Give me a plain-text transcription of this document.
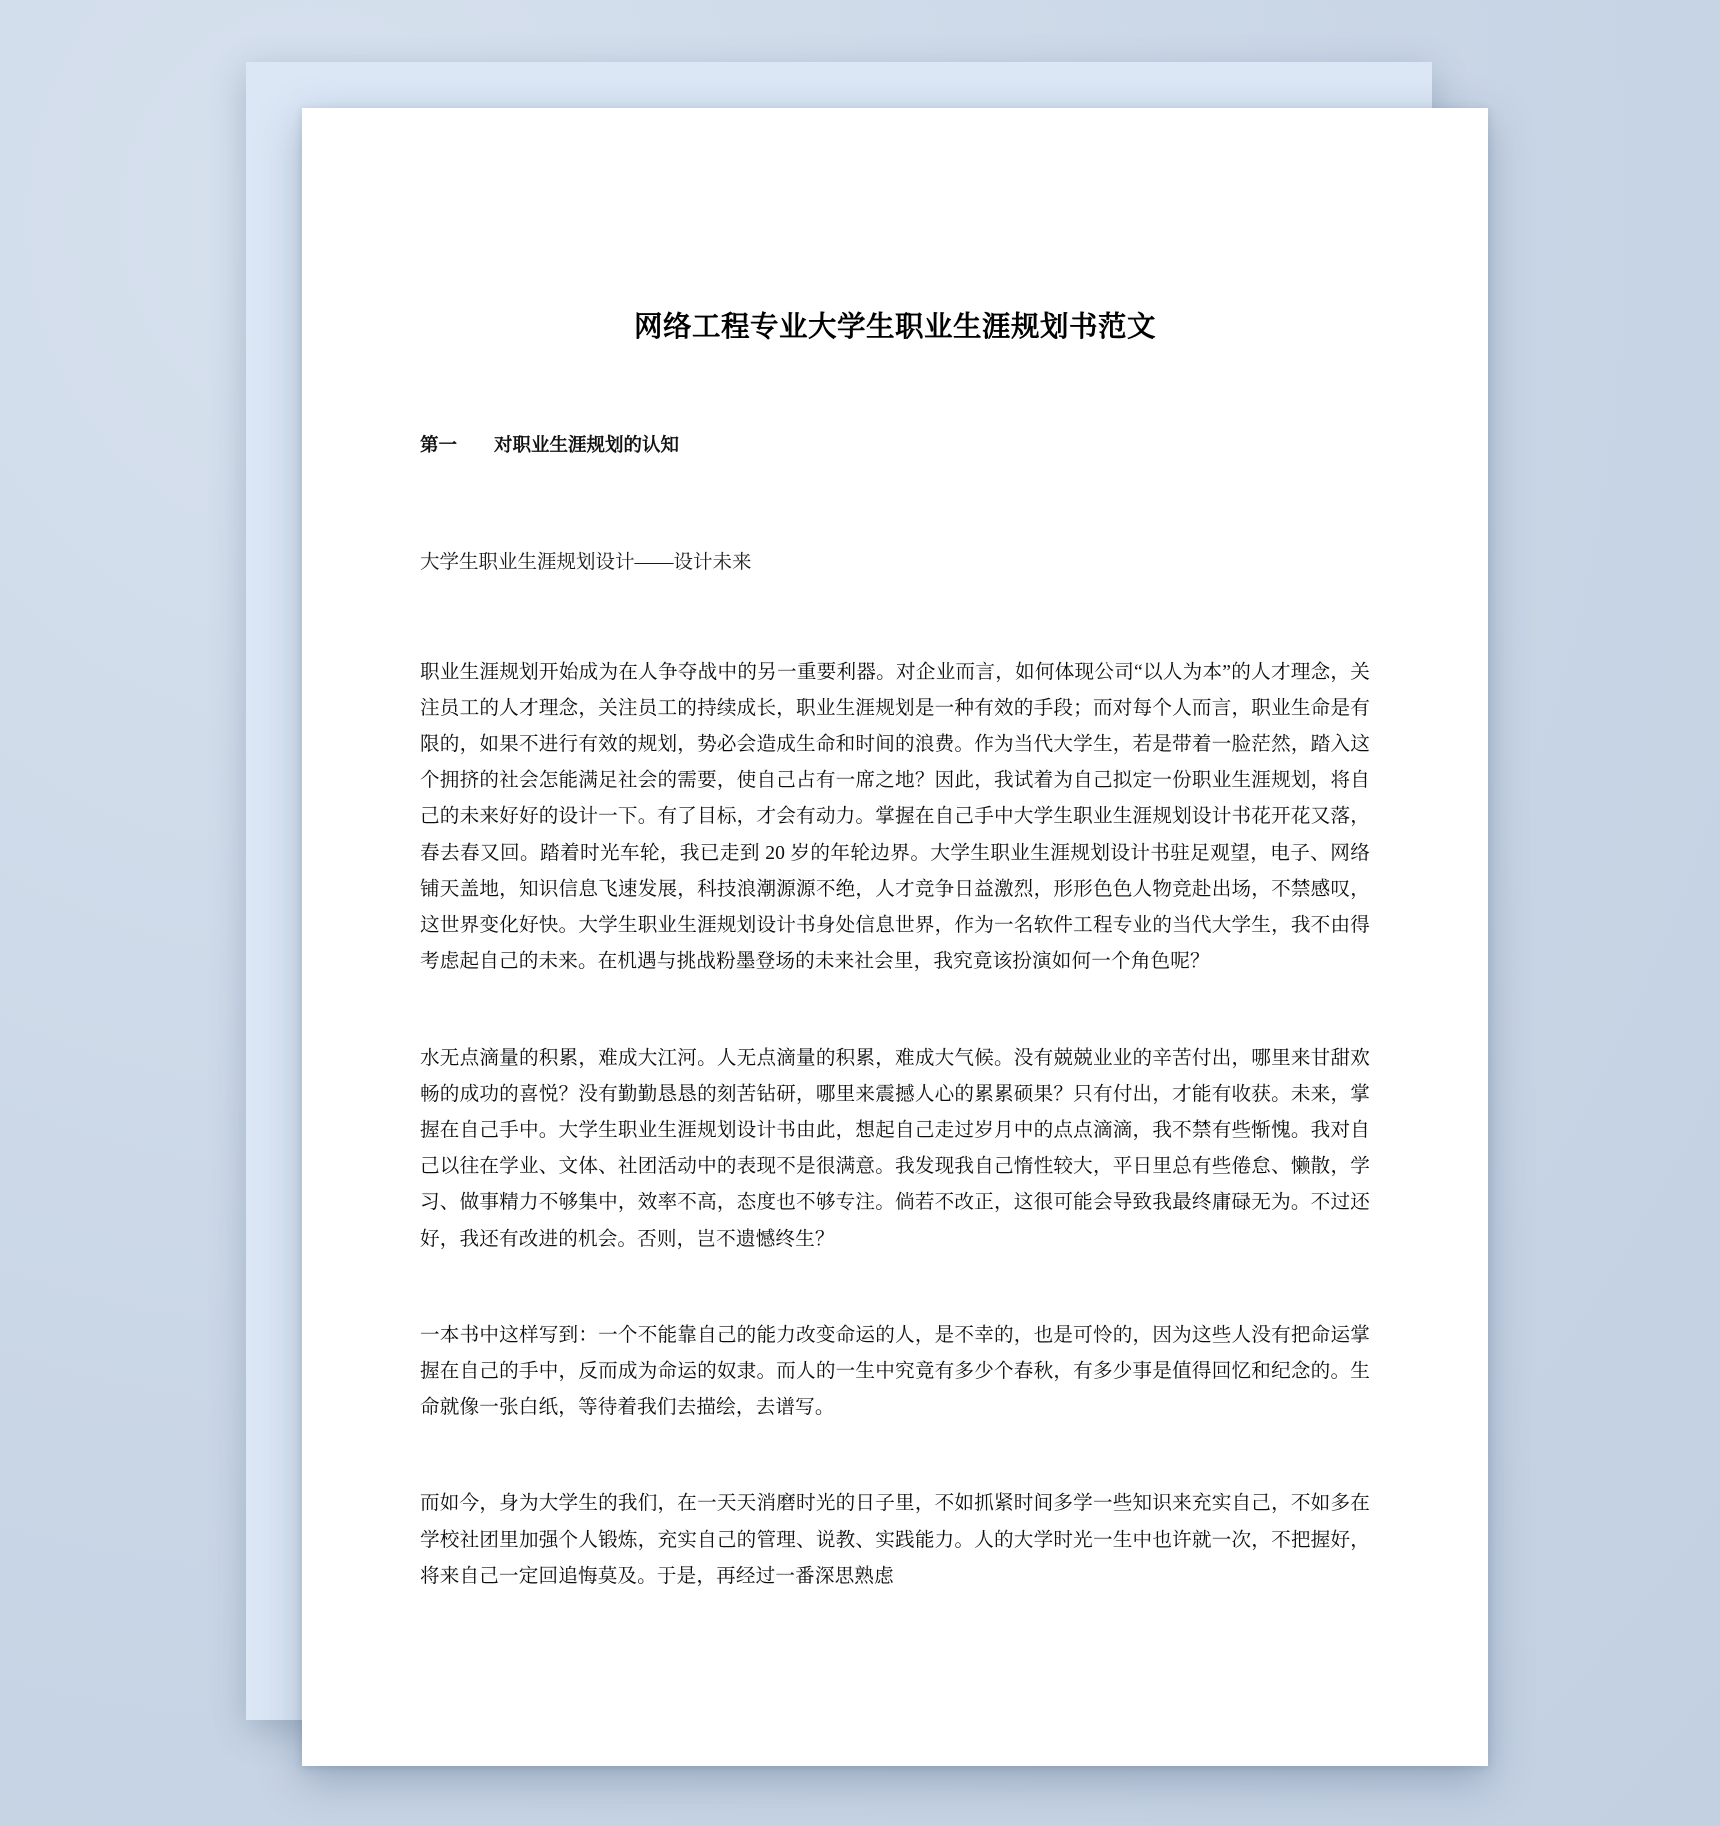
网络工程专业大学生职业生涯规划书范文
第一　　对职业生涯规划的认知
大学生职业生涯规划设计——设计未来

职业生涯规划开始成为在人争夺战中的另一重要利器。对企业而言，如何体现公司“以人为本”的人才理念，关注员工的人才理念，关注员工的持续成长，职业生涯规划是一种有效的手段；而对每个人而言，职业生命是有限的，如果不进行有效的规划，势必会造成生命和时间的浪费。作为当代大学生，若是带着一脸茫然，踏入这个拥挤的社会怎能满足社会的需要，使自己占有一席之地？因此，我试着为自己拟定一份职业生涯规划，将自己的未来好好的设计一下。有了目标，才会有动力。掌握在自己手中大学生职业生涯规划设计书花开花又落，春去春又回。踏着时光车轮，我已走到 20 岁的年轮边界。大学生职业生涯规划设计书驻足观望，电子、网络铺天盖地，知识信息飞速发展，科技浪潮源源不绝，人才竞争日益激烈，形形色色人物竞赴出场，不禁感叹，这世界变化好快。大学生职业生涯规划设计书身处信息世界，作为一名软件工程专业的当代大学生，我不由得考虑起自己的未来。在机遇与挑战粉墨登场的未来社会里，我究竟该扮演如何一个角色呢？

水无点滴量的积累，难成大江河。人无点滴量的积累，难成大气候。没有兢兢业业的辛苦付出，哪里来甘甜欢畅的成功的喜悦？没有勤勤恳恳的刻苦钻研，哪里来震撼人心的累累硕果？只有付出，才能有收获。未来，掌握在自己手中。大学生职业生涯规划设计书由此，想起自己走过岁月中的点点滴滴，我不禁有些惭愧。我对自己以往在学业、文体、社团活动中的表现不是很满意。我发现我自己惰性较大，平日里总有些倦怠、懒散，学习、做事精力不够集中，效率不高，态度也不够专注。倘若不改正，这很可能会导致我最终庸碌无为。不过还好，我还有改进的机会。否则，岂不遗憾终生？

一本书中这样写到：一个不能靠自己的能力改变命运的人，是不幸的，也是可怜的，因为这些人没有把命运掌握在自己的手中，反而成为命运的奴隶。而人的一生中究竟有多少个春秋，有多少事是值得回忆和纪念的。生命就像一张白纸，等待着我们去描绘，去谱写。

而如今，身为大学生的我们，在一天天消磨时光的日子里，不如抓紧时间多学一些知识来充实自己，不如多在学校社团里加强个人锻炼，充实自己的管理、说教、实践能力。人的大学时光一生中也许就一次，不把握好，将来自己一定回追悔莫及。于是，再经过一番深思熟虑
